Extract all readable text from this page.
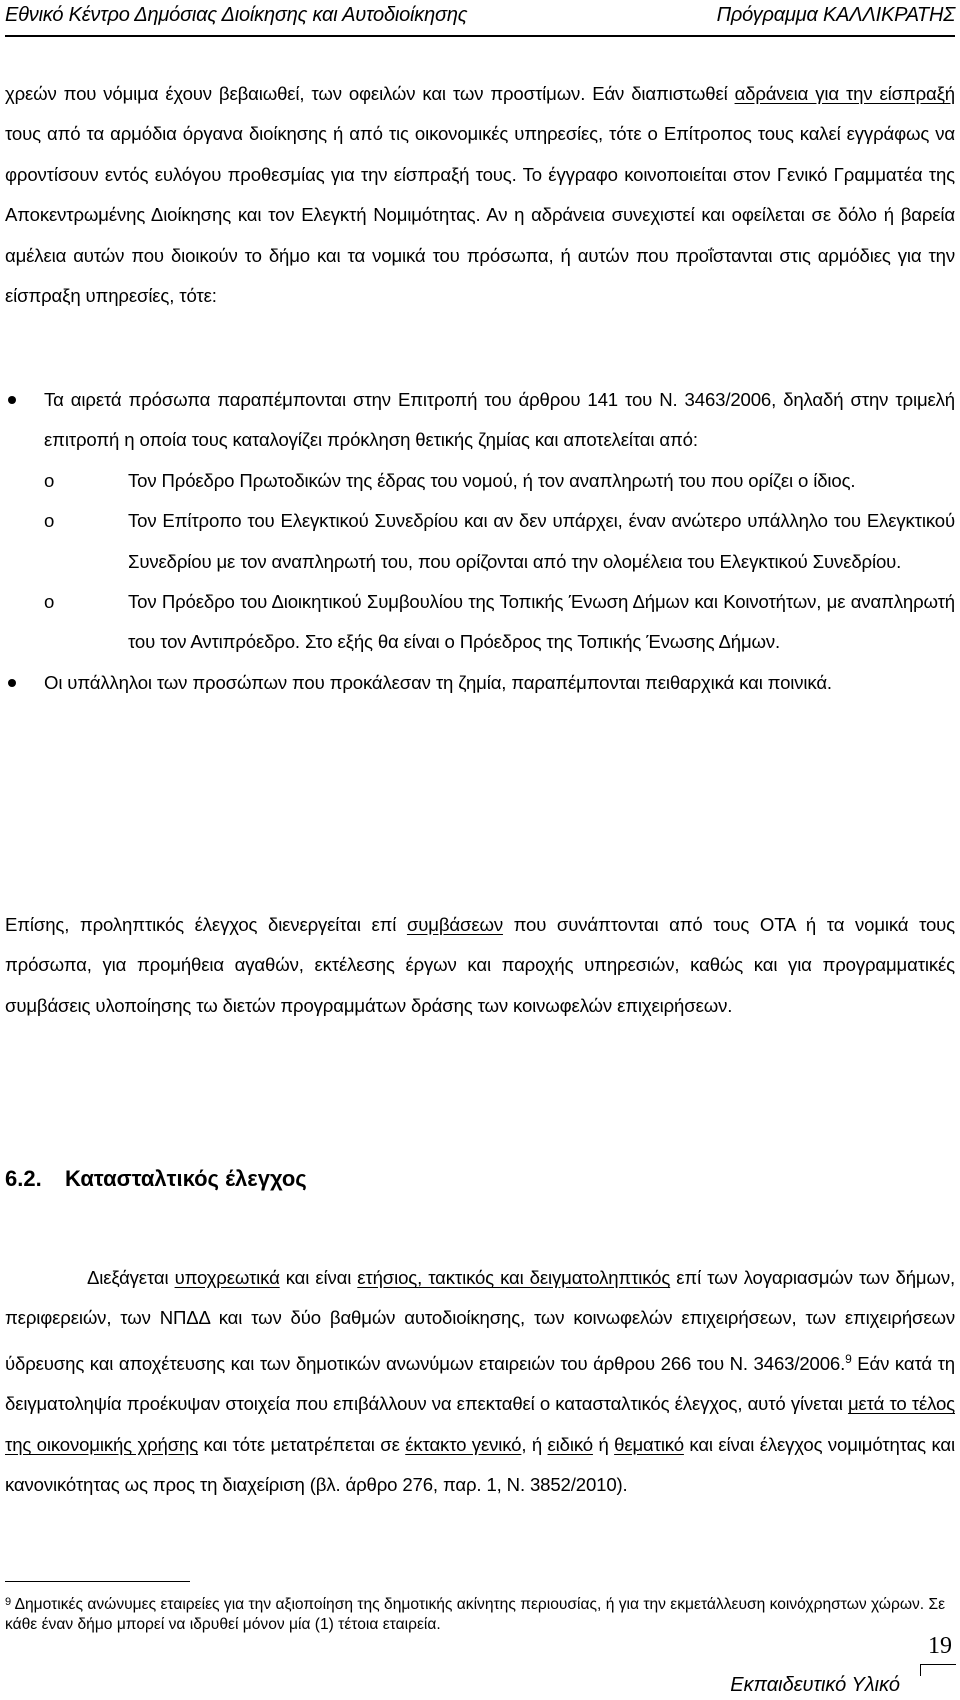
Εθνικό Κέντρο Δημόσιας Διοίκησης και Αυτοδιοίκησης	Πρόγραμμα ΚΑΛΛΙΚΡΑΤΗΣ
χρεών που νόμιμα έχουν βεβαιωθεί, των οφειλών και των προστίμων. Εάν διαπιστωθεί αδράνεια για την είσπραξή τους από τα αρμόδια όργανα διοίκησης ή από τις οικονομικές υπηρεσίες, τότε ο Επίτροπος τους καλεί εγγράφως να φροντίσουν εντός ευλόγου προθεσμίας για την είσπραξή τους. Το έγγραφο κοινοποιείται στον Γενικό Γραμματέα της Αποκεντρωμένης Διοίκησης και τον Ελεγκτή Νομιμότητας. Αν η αδράνεια συνεχιστεί και οφείλεται σε δόλο ή βαρεία αμέλεια αυτών που διοικούν το δήμο και τα νομικά του πρόσωπα, ή αυτών που προΐστανται στις αρμόδιες για την είσπραξη υπηρεσίες, τότε:
Τα αιρετά πρόσωπα παραπέμπονται στην Επιτροπή του άρθρου 141 του Ν. 3463/2006, δηλαδή στην τριμελή επιτροπή η οποία τους καταλογίζει πρόκληση θετικής ζημίας και αποτελείται από:
o	Τον Πρόεδρο Πρωτοδικών της έδρας του νομού, ή τον αναπληρωτή του που ορίζει ο ίδιος.
o	Τον Επίτροπο του Ελεγκτικού Συνεδρίου και αν δεν υπάρχει, έναν ανώτερο υπάλληλο του Ελεγκτικού Συνεδρίου με τον αναπληρωτή του, που ορίζονται από την ολομέλεια του Ελεγκτικού Συνεδρίου.
o	Τον Πρόεδρο του Διοικητικού Συμβουλίου της Τοπικής Ένωση Δήμων και Κοινοτήτων, με αναπληρωτή του τον Αντιπρόεδρο. Στο εξής θα είναι ο Πρόεδρος της Τοπικής Ένωσης Δήμων.
Οι υπάλληλοι των προσώπων που προκάλεσαν τη ζημία, παραπέμπονται πειθαρχικά και ποινικά.
Επίσης, προληπτικός έλεγχος διενεργείται επί συμβάσεων που συνάπτονται από τους ΟΤΑ ή τα νομικά τους πρόσωπα, για προμήθεια αγαθών, εκτέλεσης έργων και παροχής υπηρεσιών, καθώς και για προγραμματικές συμβάσεις υλοποίησης τω διετών προγραμμάτων δράσης των κοινωφελών επιχειρήσεων.
6.2.	Κατασταλτικός έλεγχος
Διεξάγεται υποχρεωτικά και είναι ετήσιος, τακτικός και δειγματοληπτικός επί των λογαριασμών των δήμων, περιφερειών, των ΝΠΔΔ και των δύο βαθμών αυτοδιοίκησης, των κοινωφελών επιχειρήσεων, των επιχειρήσεων ύδρευσης και αποχέτευσης και των δημοτικών ανωνύμων εταιρειών του άρθρου 266 του Ν. 3463/2006.$^9$ Εάν κατά τη δειγματοληψία προέκυψαν στοιχεία που επιβάλλουν να επεκταθεί ο κατασταλτικός έλεγχος, αυτό γίνεται μετά το τέλος της οικονομικής χρήσης και τότε μετατρέπεται σε έκτακτο γενικό, ή ειδικό ή θεματικό και είναι έλεγχος νομιμότητας και κανονικότητας ως προς τη διαχείριση (βλ. άρθρο 276, παρ. 1, Ν. 3852/2010).
$^9$ Δημοτικές ανώνυμες εταιρείες για την αξιοποίηση της δημοτικής ακίνητης περιουσίας, ή για την εκμετάλλευση κοινόχρηστων χώρων. Σε κάθε έναν δήμο μπορεί να ιδρυθεί μόνον μία (1) τέτοια εταιρεία.
19
Εκπαιδευτικό Υλικό
